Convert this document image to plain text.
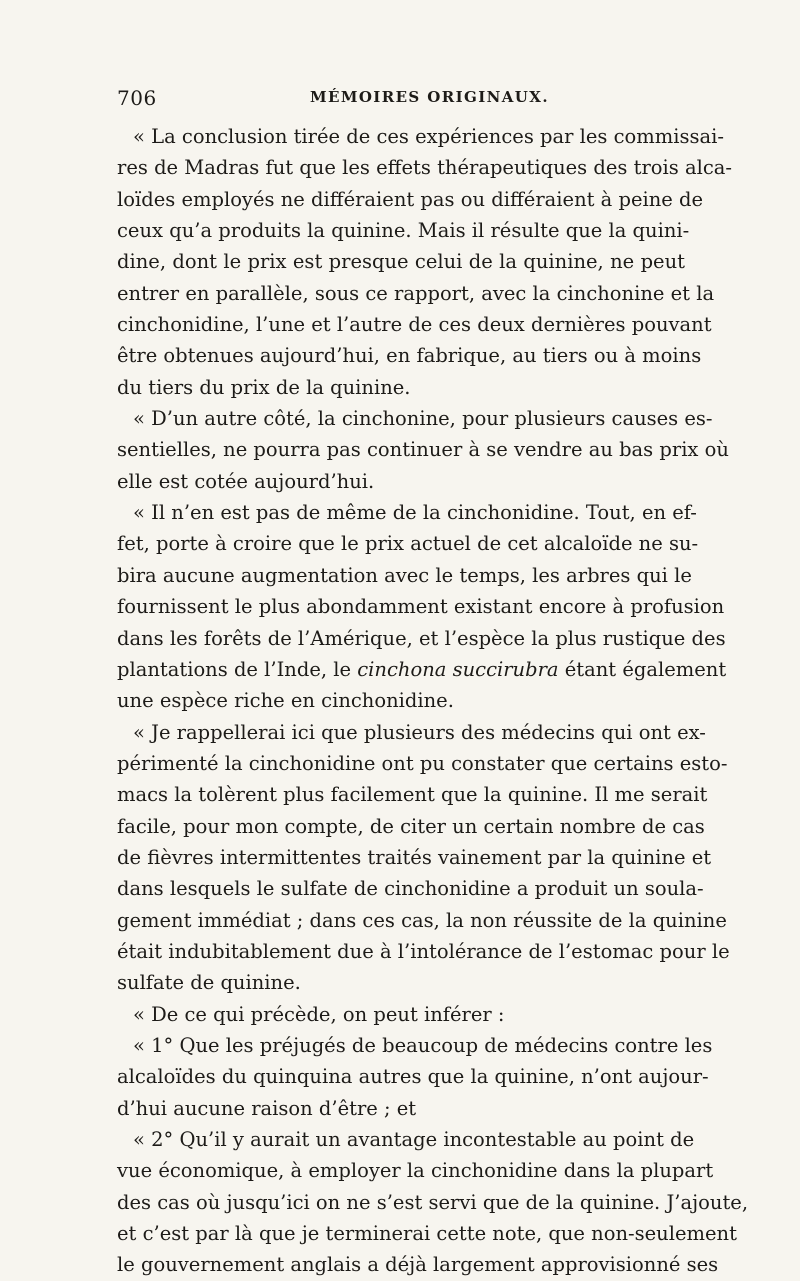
706	MÉMOIRES ORIGINAUX.
« La conclusion tirée de ces expériences par les commissai-
res de Madras fut que les effets thérapeutiques des trois alca-
loïdes employés ne différaient pas ou différaient à peine de
ceux qu’a produits la quinine. Mais il résulte que la quini-
dine, dont le prix est presque celui de la quinine, ne peut
entrer en parallèle, sous ce rapport, avec la cinchonine et la
cinchonidine, l’une et l’autre de ces deux dernières pouvant
être obtenues aujourd’hui, en fabrique, au tiers ou à moins
du tiers du prix de la quinine.
« D’un autre côté, la cinchonine, pour plusieurs causes es-
sentielles, ne pourra pas continuer à se vendre au bas prix où
elle est cotée aujourd’hui.
« Il n’en est pas de même de la cinchonidine. Tout, en ef-
fet, porte à croire que le prix actuel de cet alcaloïde ne su-
bira aucune augmentation avec le temps, les arbres qui le
fournissent le plus abondamment existant encore à profusion
dans les forêts de l’Amérique, et l’espèce la plus rustique des
plantations de l’Inde, le cinchona succirubra étant également
une espèce riche en cinchonidine.
« Je rappellerai ici que plusieurs des médecins qui ont ex-
périmenté la cinchonidine ont pu constater que certains esto-
macs la tolèrent plus facilement que la quinine. Il me serait
facile, pour mon compte, de citer un certain nombre de cas
de fièvres intermittentes traités vainement par la quinine et
dans lesquels le sulfate de cinchonidine a produit un soula-
gement immédiat ; dans ces cas, la non réussite de la quinine
était indubitablement due à l’intolérance de l’estomac pour le
sulfate de quinine.
« De ce qui précède, on peut inférer :
« 1° Que les préjugés de beaucoup de médecins contre les
alcaloïdes du quinquina autres que la quinine, n’ont aujour-
d’hui aucune raison d’être ; et
« 2° Qu’il y aurait un avantage incontestable au point de
vue économique, à employer la cinchonidine dans la plupart
des cas où jusqu’ici on ne s’est servi que de la quinine. J’ajoute,
et c’est par là que je terminerai cette note, que non-seulement
le gouvernement anglais a déjà largement approvisionné ses
